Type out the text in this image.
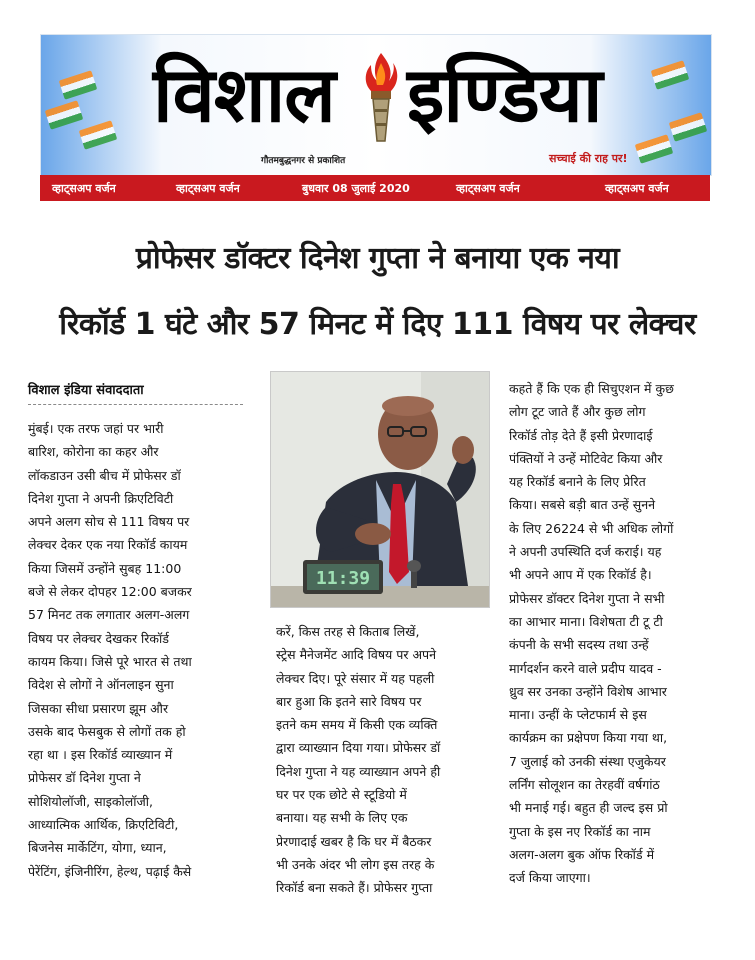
विशाल इण्डिया
गौतमबुद्धनगर से प्रकाशित	सच्चाई की राह पर!
व्हाट्सअप वर्जन	व्हाट्सअप वर्जन	बुधवार 08 जुलाई 2020	व्हाट्सअप वर्जन	व्हाट्सअप वर्जन
प्रोफेसर डॉक्टर दिनेश गुप्ता ने बनाया एक नया
रिकॉर्ड 1 घंटे और 57 मिनट में दिए 111 विषय पर लेक्चर
विशाल इंडिया संवाददाता

मुंबई। एक तरफ जहां पर भारी

बारिश, कोरोना का कहर और

लॉकडाउन उसी बीच में प्रोफेसर डॉ

दिनेश गुप्ता ने अपनी क्रिएटिविटी

अपने अलग सोच से 111 विषय पर

लेक्चर देकर एक नया रिकॉर्ड कायम

किया जिसमें उन्होंने सुबह 11:00

बजे से लेकर दोपहर 12:00 बजकर

57 मिनट तक लगातार अलग-अलग

विषय पर लेक्चर देखकर रिकॉर्ड

कायम किया। जिसे पूरे भारत से तथा

विदेश से लोगों ने ऑनलाइन सुना

जिसका सीधा प्रसारण झूम और

उसके बाद फेसबुक से लोगों तक हो

रहा था । इस रिकॉर्ड व्याख्यान में

प्रोफेसर डॉ दिनेश गुप्ता ने

सोशियोलॉजी, साइकोलॉजी,

आध्यात्मिक आर्थिक, क्रिएटिविटी,

बिजनेस मार्केटिंग, योगा, ध्यान,

पेरेंटिंग, इंजिनीरिंग, हेल्थ, पढ़ाई कैसे

11:39

करें, किस तरह से किताब लिखें,

स्ट्रेस मैनेजमेंट आदि विषय पर अपने

लेक्चर दिए। पूरे संसार में यह पहली

बार हुआ कि इतने सारे विषय पर

इतने कम समय में किसी एक व्यक्ति

द्वारा व्याख्यान दिया गया। प्रोफेसर डॉ

दिनेश गुप्ता ने यह व्याख्यान अपने ही

घर पर एक छोटे से स्टूडियो में

बनाया। यह सभी के लिए एक

प्रेरणादाई खबर है कि घर में बैठकर

भी उनके अंदर भी लोग इस तरह के

रिकॉर्ड बना सकते हैं। प्रोफेसर गुप्ता

कहते हैं कि एक ही सिचुएशन में कुछ

लोग टूट जाते हैं और कुछ लोग

रिकॉर्ड तोड़ देते हैं इसी प्रेरणादाई

पंक्तियों ने उन्हें मोटिवेट किया और

यह रिकॉर्ड बनाने के लिए प्रेरित

किया। सबसे बड़ी बात उन्हें सुनने

के लिए 26224 से भी अधिक लोगों

ने अपनी उपस्थिति दर्ज कराई। यह

भी अपने आप में एक रिकॉर्ड है।

प्रोफेसर डॉक्टर दिनेश गुप्ता ने सभी

का आभार माना। विशेषता टी टू टी

कंपनी के सभी सदस्य तथा उन्हें

मार्गदर्शन करने वाले प्रदीप यादव -

ध्रुव सर उनका उन्होंने विशेष आभार

माना। उन्हीं के प्लेटफार्म से इस

कार्यक्रम का प्रक्षेपण किया गया था,

7 जुलाई को उनकी संस्था एजुकेयर

लर्निंग सोलूशन का तेरहवीं वर्षगांठ

भी मनाई गई। बहुत ही जल्द इस प्रो

गुप्ता के इस नए रिकॉर्ड का नाम

अलग-अलग बुक ऑफ रिकॉर्ड में

दर्ज किया जाएगा।
